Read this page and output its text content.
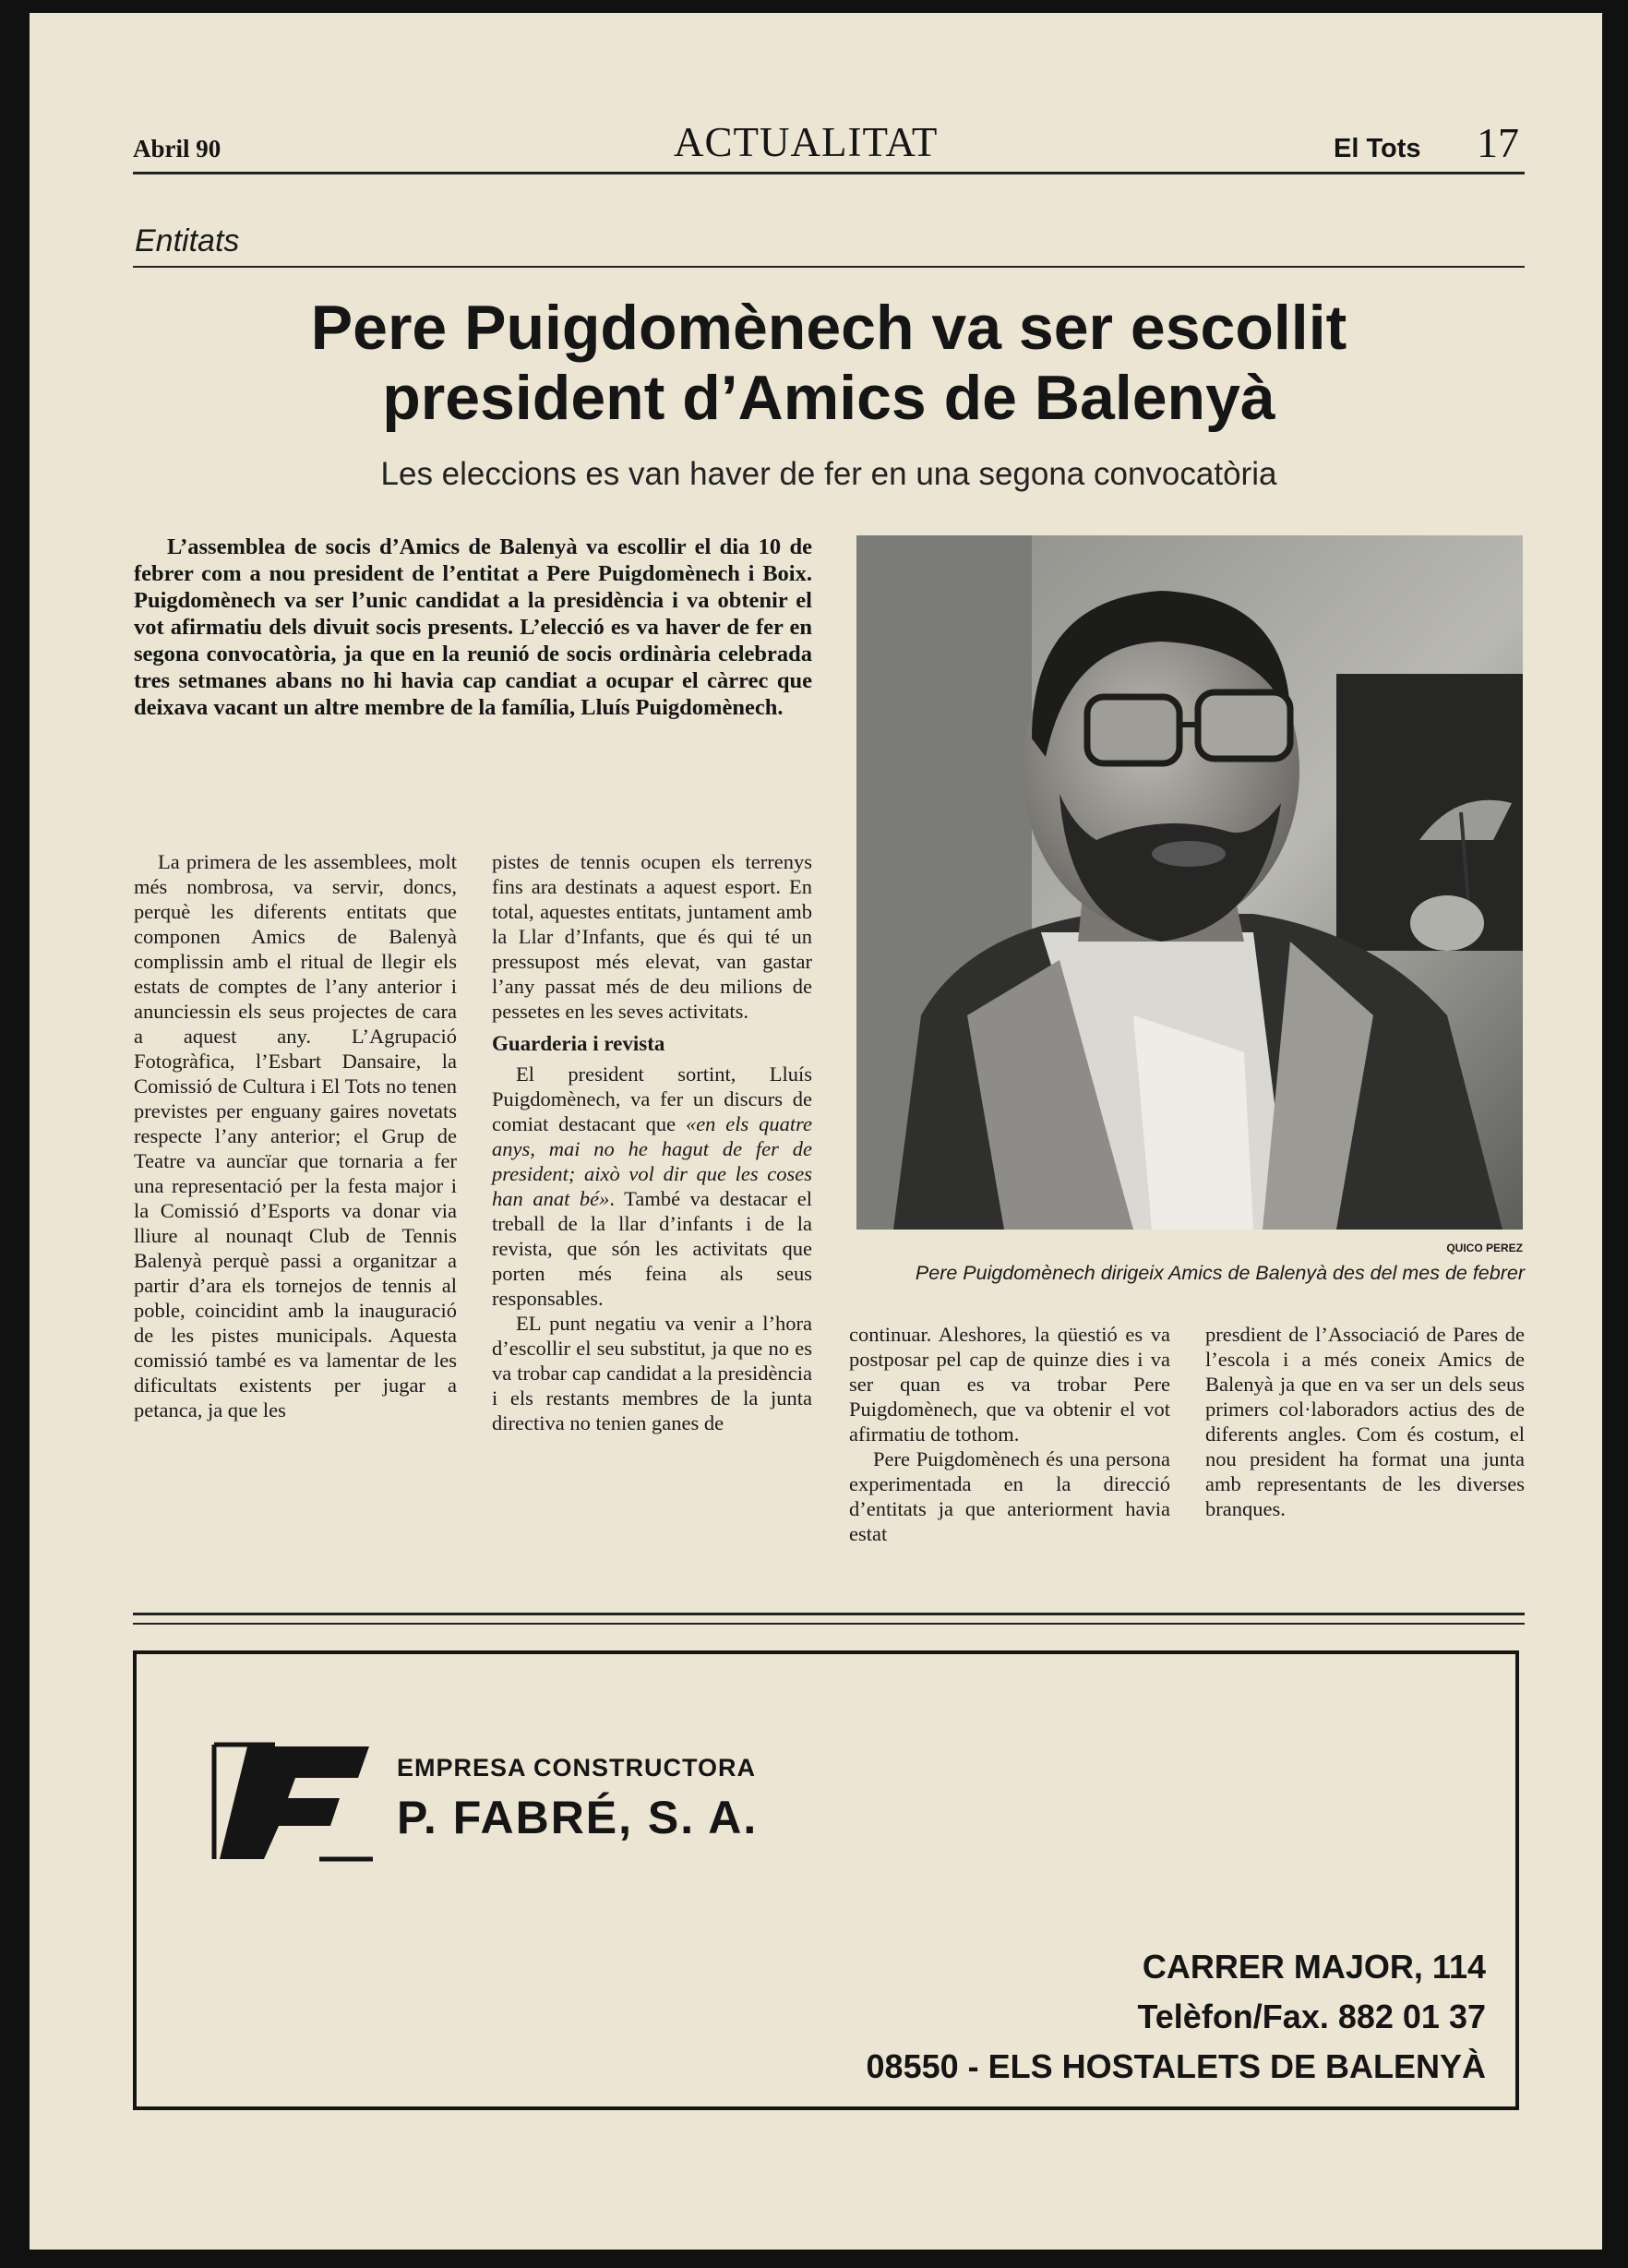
Abril 90	ACTUALITAT	El Tots 17
Entitats
Pere Puigdomènech va ser escollit
president d’Amics de Balenyà
Les eleccions es van haver de fer en una segona convocatòria
L’assemblea de socis d’Amics de Balenyà va escollir el dia 10 de febrer com a nou president de l’entitat a Pere Puigdomènech i Boix. Puigdomènech va ser l’unic candidat a la presidència i va obtenir el vot afirmatiu dels divuit socis presents. L’elecció es va haver de fer en segona convocatòria, ja que en la reunió de socis ordinària celebrada tres setmanes abans no hi havia cap candiat a ocupar el càrrec que deixava vacant un altre membre de la família, Lluís Puigdomènech.

La primera de les assemblees, molt més nombrosa, va servir, doncs, perquè les diferents entitats que componen Amics de Balenyà complissin amb el ritual de llegir els estats de comptes de l’any anterior i anunciessin els seus projectes de cara a aquest any. L’Agrupació Fotogràfica, l’Esbart Dansaire, la Comissió de Cultura i El Tots no tenen previstes per enguany gaires novetats respecte l’any anterior; el Grup de Teatre va auncïar que tornaria a fer una representació per la festa major i la Comissió d’Esports va donar via lliure al nounaqt Club de Tennis Balenyà perquè passi a organitzar a partir d’ara els tornejos de tennis al poble, coincidint amb la inauguració de les pistes municipals. Aquesta comissió també es va lamentar de les dificultats existents per jugar a petanca, ja que les

pistes de tennis ocupen els terrenys fins ara destinats a aquest esport. En total, aquestes entitats, juntament amb la Llar d’Infants, que és qui té un pressupost més elevat, van gastar l’any passat més de deu milions de pessetes en les seves activitats.

Guarderia i revista

El president sortint, Lluís Puigdomènech, va fer un discurs de comiat destacant que «en els quatre anys, mai no he hagut de fer de president; això vol dir que les coses han anat bé». També va destacar el treball de la llar d’infants i de la revista, que són les activitats que porten més feina als seus responsables.

EL punt negatiu va venir a l’hora d’escollir el seu substitut, ja que no es va trobar cap candidat a la presidència i els restants membres de la junta directiva no tenien ganes de

QUICO PEREZ
Pere Puigdomènech dirigeix Amics de Balenyà des del mes de febrer

continuar. Aleshores, la qüestió es va postposar pel cap de quinze dies i va ser quan es va trobar Pere Puigdomènech, que va obtenir el vot afirmatiu de tothom.

Pere Puigdomènech és una persona experimentada en la direcció d’entitats ja que anteriorment havia estat

presdient de l’Associació de Pares de l’escola i a més coneix Amics de Balenyà ja que en va ser un dels seus primers col·laboradors actius des de diferents angles. Com és costum, el nou president ha format una junta amb representants de les diverses branques.

EMPRESA CONSTRUCTORA
P. FABRÉ, S. A.
CARRER MAJOR, 114
Telèfon/Fax. 882 01 37
08550 - ELS HOSTALETS DE BALENYÀ
